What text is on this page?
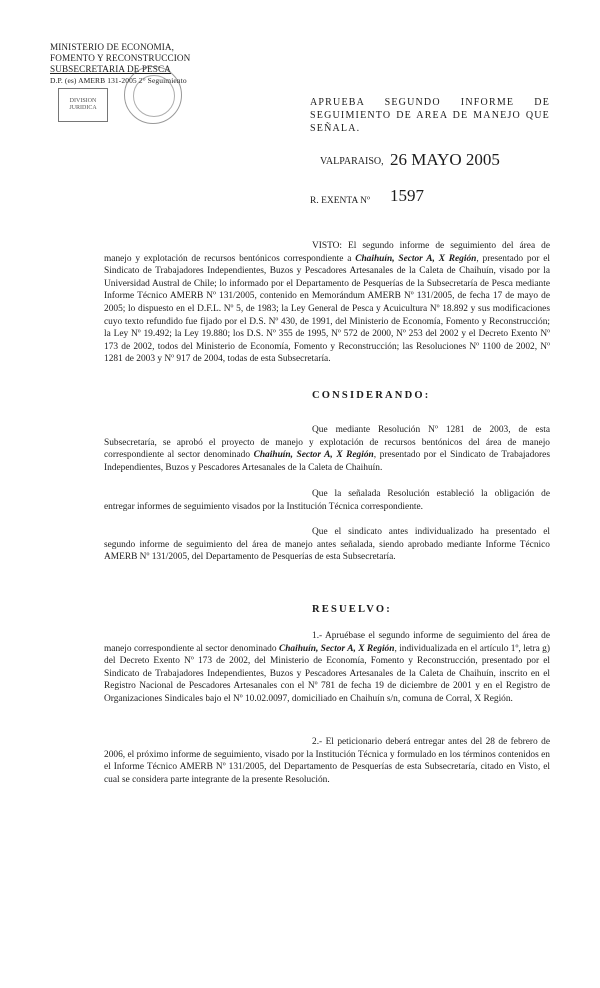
MINISTERIO DE ECONOMIA,
FOMENTO Y RECONSTRUCCION
SUBSECRETARIA DE PESCA
D.P. (es) AMERB 131-2005 2° Seguimiento
DIVISION
JURIDICA	APRUEBA SEGUNDO INFORME DE SEGUIMIENTO DE AREA DE MANEJO QUE SEÑALA.
VALPARAISO, 26 MAYO 2005
R. EXENTA Nº 1597
VISTO: El segundo informe de seguimiento del área de manejo y explotación de recursos bentónicos correspondiente a Chaihuín, Sector A, X Región, presentado por el Sindicato de Trabajadores Independientes, Buzos y Pescadores Artesanales de la Caleta de Chaihuín, visado por la Universidad Austral de Chile; lo informado por el Departamento de Pesquerías de la Subsecretaría de Pesca mediante Informe Técnico AMERB Nº 131/2005, contenido en Memorándum AMERB Nº 131/2005, de fecha 17 de mayo de 2005; lo dispuesto en el D.F.L. Nº 5, de 1983; la Ley General de Pesca y Acuicultura Nº 18.892 y sus modificaciones cuyo texto refundido fue fijado por el D.S. Nº 430, de 1991, del Ministerio de Economía, Fomento y Reconstrucción; la Ley Nº 19.492; la Ley 19.880; los D.S. Nº 355 de 1995, Nº 572 de 2000, Nº 253 del 2002 y el Decreto Exento Nº 173 de 2002, todos del Ministerio de Economía, Fomento y Reconstrucción; las Resoluciones Nº 1100 de 2002, Nº 1281 de 2003 y Nº 917 de 2004, todas de esta Subsecretaría.
CONSIDERANDO:
Que mediante Resolución Nº 1281 de 2003, de esta Subsecretaría, se aprobó el proyecto de manejo y explotación de recursos bentónicos del área de manejo correspondiente al sector denominado Chaihuín, Sector A, X Región, presentado por el Sindicato de Trabajadores Independientes, Buzos y Pescadores Artesanales de la Caleta de Chaihuín.
Que la señalada Resolución estableció la obligación de entregar informes de seguimiento visados por la Institución Técnica correspondiente.
Que el sindicato antes individualizado ha presentado el segundo informe de seguimiento del área de manejo antes señalada, siendo aprobado mediante Informe Técnico AMERB Nº 131/2005, del Departamento de Pesquerías de esta Subsecretaría.
RESUELVO:
1.- Apruébase el segundo informe de seguimiento del área de manejo correspondiente al sector denominado Chaihuín, Sector A, X Región, individualizada en el artículo 1º, letra g) del Decreto Exento Nº 173 de 2002, del Ministerio de Economía, Fomento y Reconstrucción, presentado por el Sindicato de Trabajadores Independientes, Buzos y Pescadores Artesanales de la Caleta de Chaihuín, inscrito en el Registro Nacional de Pescadores Artesanales con el Nº 781 de fecha 19 de diciembre de 2001 y en el Registro de Organizaciones Sindicales bajo el Nº 10.02.0097, domiciliado en Chaihuín s/n, comuna de Corral, X Región.
2.- El peticionario deberá entregar antes del 28 de febrero de 2006, el próximo informe de seguimiento, visado por la Institución Técnica y formulado en los términos contenidos en el Informe Técnico AMERB Nº 131/2005, del Departamento de Pesquerías de esta Subsecretaría, citado en Visto, el cual se considera parte integrante de la presente Resolución.
